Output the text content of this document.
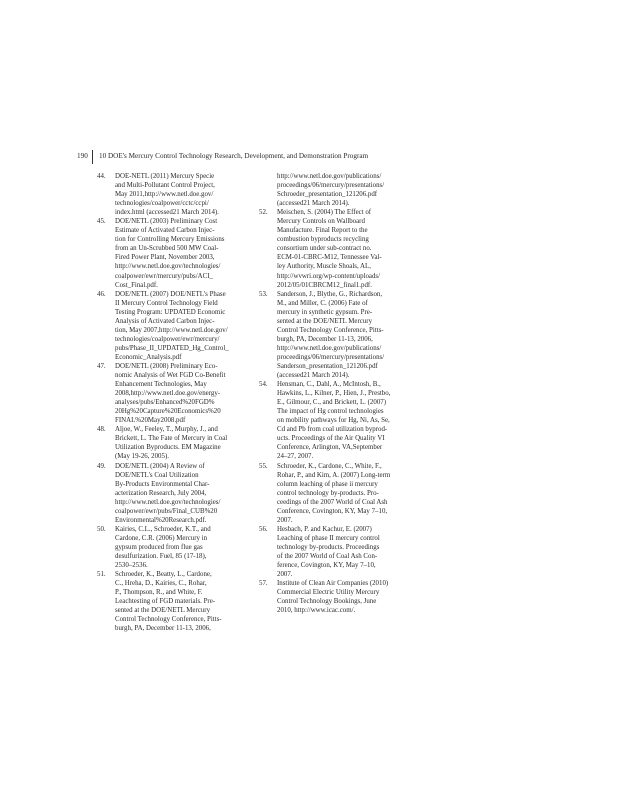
190 10 DOE's Mercury Control Technology Research, Development, and Demonstration Program
44. DOE-NETL (2011) Mercury Specie
and Multi-Pollutant Control Project,
May 2011,http://www.netl.doe.gov/
technologies/coalpower/cctc/ccpi/
index.html (accessed21 March 2014).
45. DOE/NETL (2003) Preliminary Cost
Estimate of Activated Carbon Injec-
tion for Controlling Mercury Emissions
from an Un-Scrubbed 500 MW Coal-
Fired Power Plant, November 2003,
http://www.netl.doe.gov/technologies/
coalpower/ewr/mercury/pubs/ACI_
Cost_Final.pdf.
46. DOE/NETL (2007) DOE/NETL's Phase
II Mercury Control Technology Field
Testing Program: UPDATED Economic
Analysis of Activated Carbon Injec-
tion, May 2007,http://www.netl.doe.gov/
technologies/coalpower/ewr/mercury/
pubs/Phase_II_UPDATED_Hg_Control_
Economic_Analysis.pdf
47. DOE/NETL (2008) Preliminary Eco-
nomic Analysis of Wet FGD Co-Benefit
Enhancement Technologies, May
2008,http://www.netl.doe.gov/energy-
analyses/pubs/Enhanced%20FGD%
20Hg%20Capture%20Economics%20
FINAL%20May2008.pdf
48. Aljoe, W., Feeley, T., Murphy, J., and
Brickett, L. The Fate of Mercury in Coal
Utilization Byproducts. EM Magazine
(May 19-26, 2005).
49. DOE/NETL (2004) A Review of
DOE/NETL's Coal Utilization
By-Products Environmental Char-
acterization Research, July 2004,
http://www.netl.doe.gov/technologies/
coalpower/ewr/pubs/Final_CUB%20
Environmental%20Research.pdf.
50. Kairies, C.L., Schroeder, K.T., and
Cardone, C.R. (2006) Mercury in
gypsum produced from flue gas
desulfurization. Fuel, 85 (17-18),
2530–2536.
51. Schroeder, K., Beatty, L., Cardone,
C., Hreha, D., Kairies, C., Rohar,
P., Thompson, R., and White, F.
Leachtesting of FGD materials. Pre-
sented at the DOE/NETL Mercury
Control Technology Conference, Pitts-
burgh, PA, December 11-13, 2006,
http://www.netl.doe.gov/publications/
proceedings/06/mercury/presentations/
Schroeder_presentation_121206.pdf
(accessed21 March 2014).
52. Meischen, S. (2004) The Effect of
Mercury Controls on Wallboard
Manufacture. Final Report to the
combustion byproducts recycling
consortium under sub-contract no.
ECM-01-CBRC-M12, Tennessee Val-
ley Authority, Muscle Shoals, AL,
http://wvwri.org/wp-content/uploads/
2012/05/01CBRCM12_final1.pdf.
53. Sanderson, J., Blythe, G., Richardson,
M., and Miller, C. (2006) Fate of
mercury in synthetic gypsum. Pre-
sented at the DOE/NETL Mercury
Control Technology Conference, Pitts-
burgh, PA, December 11-13, 2006,
http://www.netl.doe.gov/publications/
proceedings/06/mercury/presentations/
Sanderson_presentation_121206.pdf
(accessed21 March 2014).
54. Hensman, C., Dahl, A., McIntosh, B.,
Hawkins, L., Kilner, P., Hien, J., Prestbo,
E., Gilmour, C., and Brickett, L. (2007)
The impact of Hg control technologies
on mobility pathways for Hg, Ni, As, Se,
Cd and Pb from coal utilization byprod-
ucts. Proceedings of the Air Quality VI
Conference, Arlington, VA,September
24–27, 2007.
55. Schroeder, K., Cardone, C., White, F.,
Rohar, P., and Kim, A. (2007) Long-term
column leaching of phase ii mercury
control technology by-products. Pro-
ceedings of the 2007 World of Coal Ash
Conference, Covington, KY, May 7–10,
2007.
56. Hesbach, P. and Kachur, E. (2007)
Leaching of phase II mercury control
technology by-products. Proceedings
of the 2007 World of Coal Ash Con-
ference, Covington, KY, May 7–10,
2007.
57. Institute of Clean Air Companies (2010)
Commercial Electric Utility Mercury
Control Technology Bookings, June
2010, http://www.icac.com/.
